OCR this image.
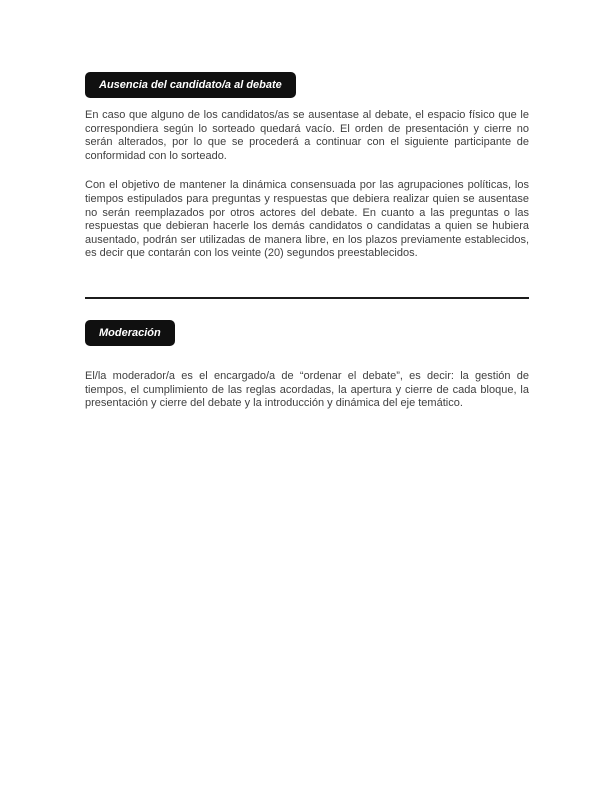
Ausencia del candidato/a al debate

En caso que alguno de los candidatos/as se ausentase al debate, el espacio físico que le correspondiera según lo sorteado quedará vacío. El orden de presentación y cierre no serán alterados, por lo que se procederá a continuar con el siguiente participante de conformidad con lo sorteado.

Con el objetivo de mantener la dinámica consensuada por las agrupaciones políticas, los tiempos estipulados para preguntas y respuestas que debiera realizar quien se ausentase no serán reemplazados por otros actores del debate. En cuanto a las preguntas o las respuestas que debieran hacerle los demás candidatos o candidatas a quien se hubiera ausentado, podrán ser utilizadas de manera libre, en los plazos previamente establecidos, es decir que contarán con los veinte (20) segundos preestablecidos.

Moderación

El/la moderador/a es el encargado/a de “ordenar el debate”, es decir: la gestión de tiempos, el cumplimiento de las reglas acordadas, la apertura y cierre de cada bloque, la presentación y cierre del debate y la introducción y dinámica del eje temático.
